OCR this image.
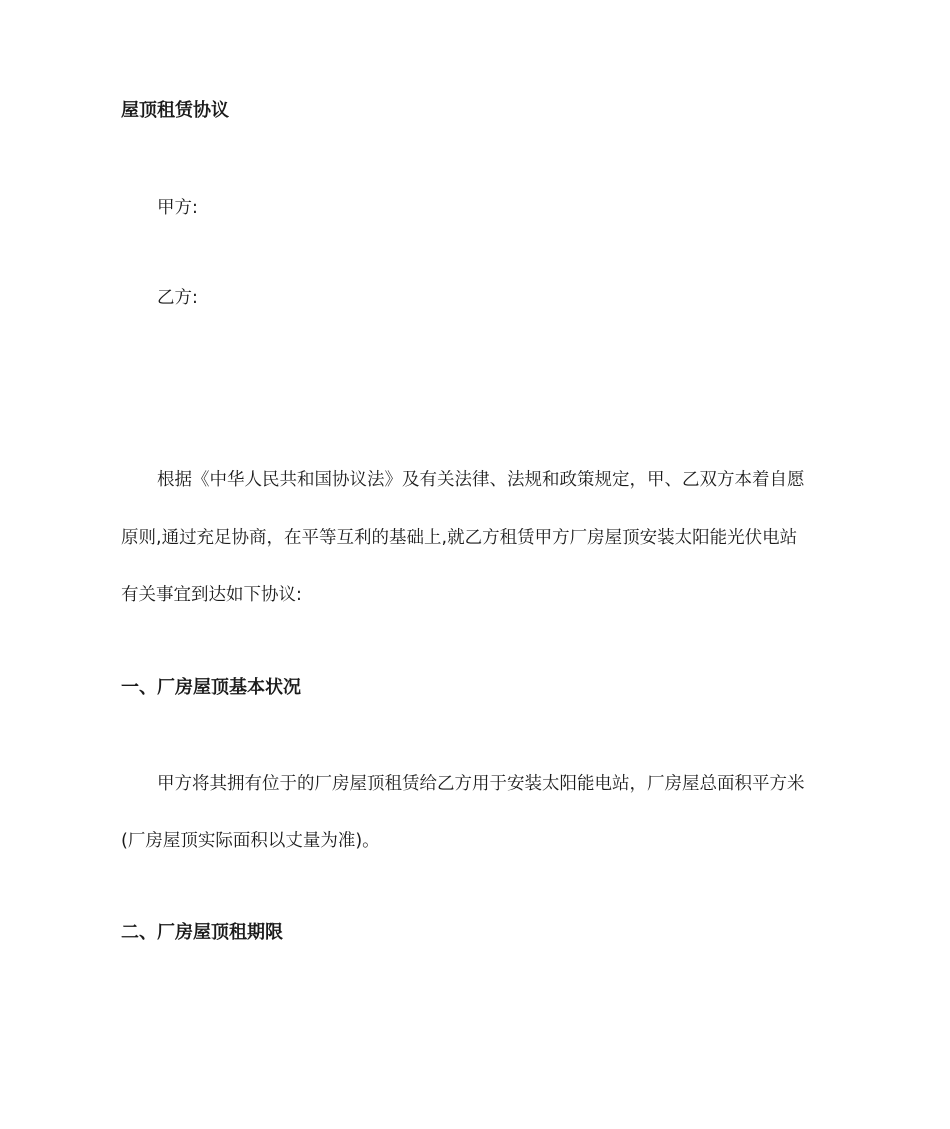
屋顶租赁协议
甲方:
乙方:
根据《中华人民共和国协议法》及有关法律、法规和政策规定，甲、乙双方本着自愿
原则,通过充足协商，在平等互利的基础上,就乙方租赁甲方厂房屋顶安装太阳能光伏电站
有关事宜到达如下协议:
一、厂房屋顶基本状况
甲方将其拥有位于的厂房屋顶租赁给乙方用于安装太阳能电站，厂房屋总面积平方米
(厂房屋顶实际面积以丈量为准)。
二、厂房屋顶租期限
